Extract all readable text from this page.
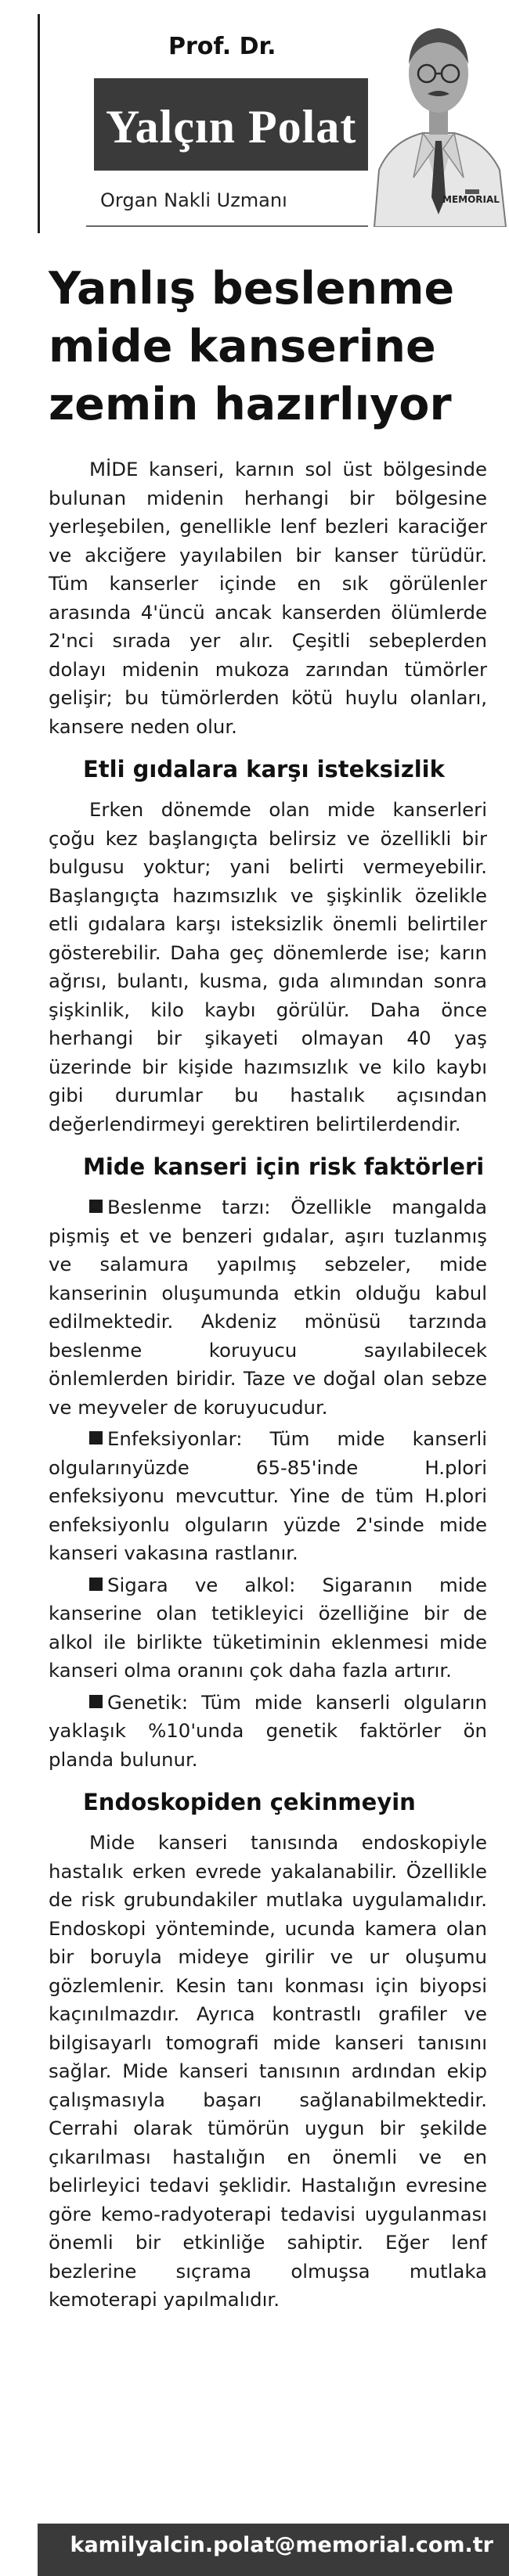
Prof. Dr.
Yalçın Polat
Organ Nakli Uzmanı	MEMORIAL
Yanlış beslenme mide kanserine zemin hazırlıyor

MİDE kanseri, karnın sol üst bölgesinde bulunan midenin herhangi bir bölgesine yerleşebilen, genellikle lenf bezleri karaciğer ve akciğere yayılabilen bir kanser türüdür. Tüm kanserler içinde en sık görülenler arasında 4'üncü ancak kanserden ölümlerde 2'nci sırada yer alır. Çeşitli sebeplerden dolayı midenin mukoza zarından tümörler gelişir; bu tümörlerden kötü huylu olanları, kansere neden olur.

Etli gıdalara karşı isteksizlik

Erken dönemde olan mide kanserleri çoğu kez başlangıçta belirsiz ve özellikli bir bulgusu yoktur; yani belirti vermeyebilir. Başlangıçta hazımsızlık ve şişkinlik özelikle etli gıdalara karşı isteksizlik önemli belirtiler gösterebilir. Daha geç dönemlerde ise; karın ağrısı, bulantı, kusma, gıda alımından sonra şişkinlik, kilo kaybı görülür. Daha önce herhangi bir şikayeti olmayan 40 yaş üzerinde bir kişide hazımsızlık ve kilo kaybı gibi durumlar bu hastalık açısından değerlendirmeyi gerektiren belirtilerdendir.

Mide kanseri için risk faktörleri

Beslenme tarzı: Özellikle mangalda pişmiş et ve benzeri gıdalar, aşırı tuzlanmış ve salamura yapılmış sebzeler, mide kanserinin oluşumunda etkin olduğu kabul edilmektedir. Akdeniz mönüsü tarzında beslenme koruyucu sayılabilecek önlemlerden biridir. Taze ve doğal olan sebze ve meyveler de koruyucudur.

Enfeksiyonlar: Tüm mide kanserli olgularınyüzde 65-85'inde H.plori enfeksiyonu mevcuttur. Yine de tüm H.plori enfeksiyonlu olguların yüzde 2'sinde mide kanseri vakasına rastlanır.

Sigara ve alkol: Sigaranın mide kanserine olan tetikleyici özelliğine bir de alkol ile birlikte tüketiminin eklenmesi mide kanseri olma oranını çok daha fazla artırır.

Genetik: Tüm mide kanserli olguların yaklaşık %10'unda genetik faktörler ön planda bulunur.

Endoskopiden çekinmeyin

Mide kanseri tanısında endoskopiyle hastalık erken evrede yakalanabilir. Özellikle de risk grubundakiler mutlaka uygulamalıdır. Endoskopi yönteminde, ucunda kamera olan bir boruyla mideye girilir ve ur oluşumu gözlemlenir. Kesin tanı konması için biyopsi kaçınılmazdır. Ayrıca kontrastlı grafiler ve bilgisayarlı tomografi mide kanseri tanısını sağlar. Mide kanseri tanısının ardından ekip çalışmasıyla başarı sağlanabilmektedir. Cerrahi olarak tümörün uygun bir şekilde çıkarılması hastalığın en önemli ve en belirleyici tedavi şeklidir. Hastalığın evresine göre kemo-radyoterapi tedavisi uygulanması önemli bir etkinliğe sahiptir. Eğer lenf bezlerine sıçrama olmuşsa mutlaka kemoterapi yapılmalıdır.

kamilyalcin.polat@memorial.com.tr
